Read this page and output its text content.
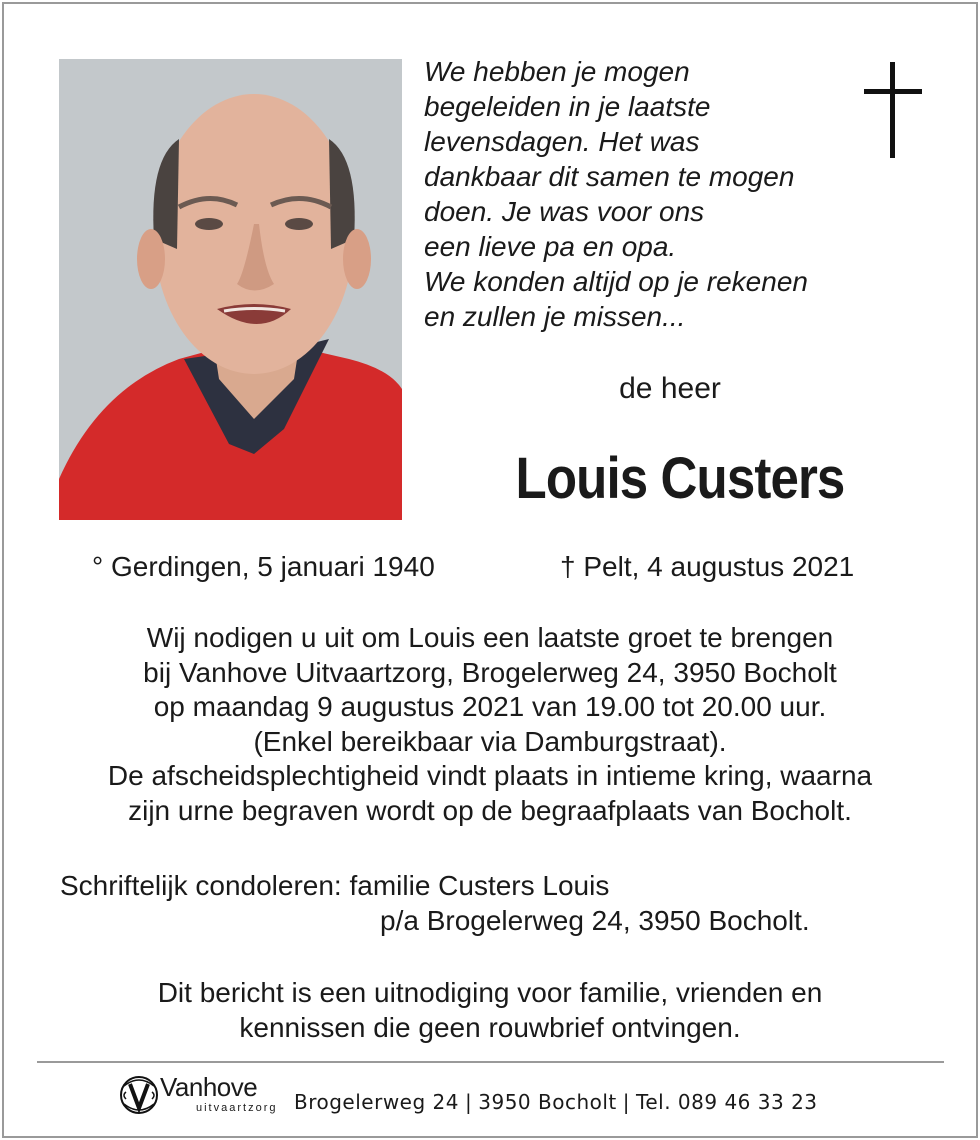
We hebben je mogen
begeleiden in je laatste
levensdagen. Het was
dankbaar dit samen te mogen
doen. Je was voor ons
een lieve pa en opa.
We konden altijd op je rekenen
en zullen je missen...
de heer
Louis Custers
° Gerdingen, 5 januari 1940	† Pelt, 4 augustus 2021
Wij nodigen u uit om Louis een laatste groet te brengen
bij Vanhove Uitvaartzorg, Brogelerweg 24, 3950 Bocholt
op maandag 9 augustus 2021 van 19.00 tot 20.00 uur.
(Enkel bereikbaar via Damburgstraat).
De afscheidsplechtigheid vindt plaats in intieme kring, waarna
zijn urne begraven wordt op de begraafplaats van Bocholt.
Schriftelijk condoleren: familie Custers Louis
p/a Brogelerweg 24, 3950 Bocholt.
Dit bericht is een uitnodiging voor familie, vrienden en
kennissen die geen rouwbrief ontvingen.
Vanhove
uitvaartzorg Brogelerweg 24 | 3950 Bocholt | Tel. 089 46 33 23
